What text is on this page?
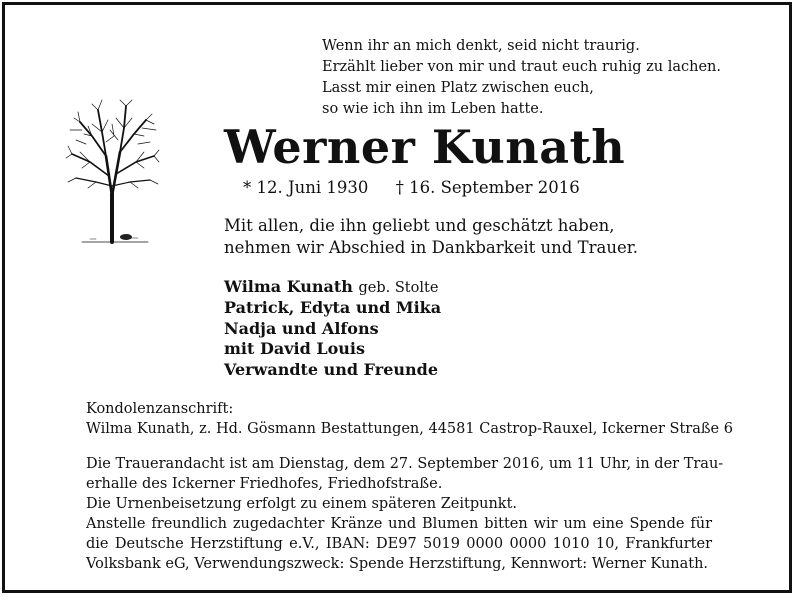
Wenn ihr an mich denkt, seid nicht traurig.
Erzählt lieber von mir und traut euch ruhig zu lachen.
Lasst mir einen Platz zwischen euch,
so wie ich ihn im Leben hatte.
Werner Kunath
* 12. Juni 1930 † 16. September 2016
Mit allen, die ihn geliebt und geschätzt haben,
nehmen wir Abschied in Dankbarkeit und Trauer.
Wilma Kunath geb. Stolte
Patrick, Edyta und Mika
Nadja und Alfons
mit David Louis
Verwandte und Freunde
Kondolenzanschrift:
Wilma Kunath, z. Hd. Gösmann Bestattungen, 44581 Castrop-Rauxel, Ickerner Straße 6
Die Trauerandacht ist am Dienstag, dem 27. September 2016, um 11 Uhr, in der Trau-
erhalle des Ickerner Friedhofes, Friedhofstraße.
Die Urnenbeisetzung erfolgt zu einem späteren Zeitpunkt.
Anstelle freundlich zugedachter Kränze und Blumen bitten wir um eine Spende für
die Deutsche Herzstiftung e.V., IBAN: DE97 5019 0000 0000 1010 10, Frankfurter
Volksbank eG, Verwendungszweck: Spende Herzstiftung, Kennwort: Werner Kunath.
